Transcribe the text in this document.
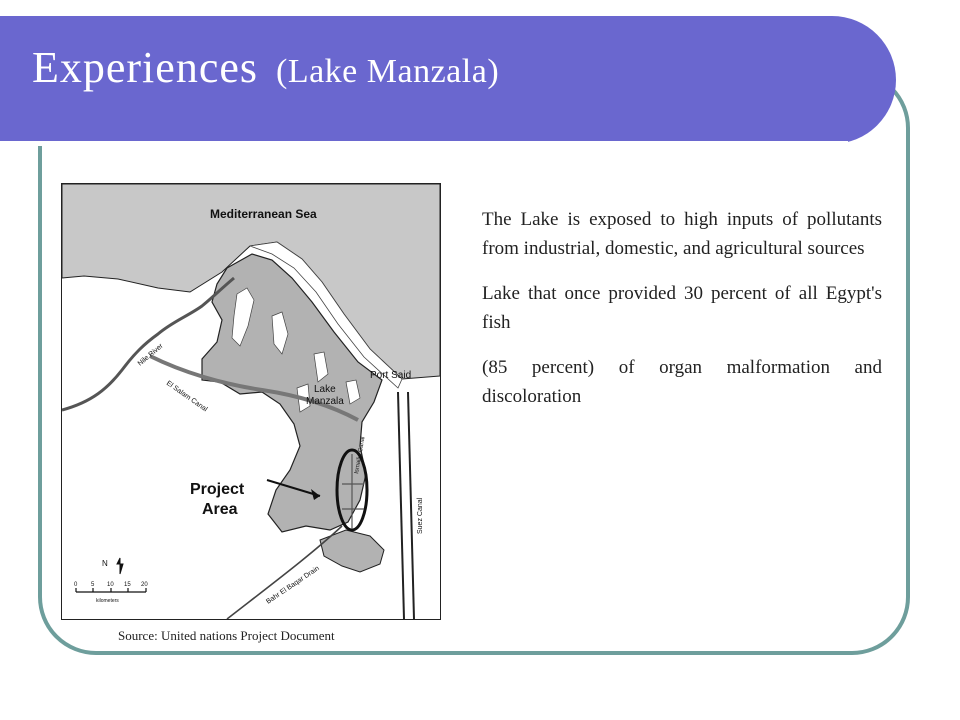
Experiences (Lake Manzala)
Mediterranean Sea
Lake
Manzala
Port Said
Project
Area
Nile River
El Salam Canal
Suez Canal
Bahr El Baqar Drain
Ismailia Canal
N
0 5 10 15 20
kilometers
Source: United nations Project Document

The Lake is exposed to high inputs of pollutants from industrial, domestic, and agricultural sources

Lake that once provided 30 percent of all Egypt's fish

(85 percent) of organ malformation and discoloration
